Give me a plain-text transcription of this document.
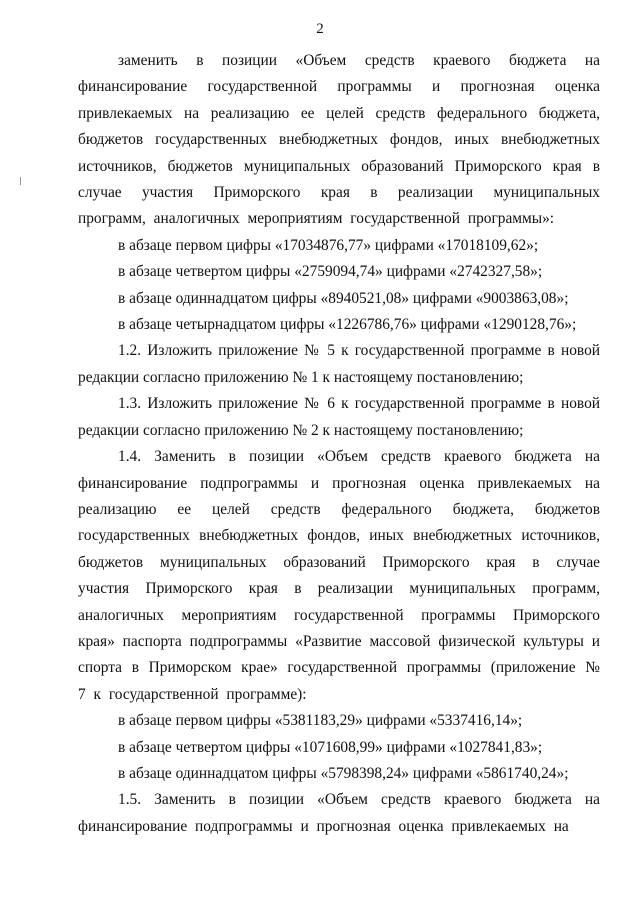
2

заменить в позиции «Объем средств краевого бюджета на финансирование государственной программы и прогнозная оценка привлекаемых на реализацию ее целей средств федерального бюджета, бюджетов государственных внебюджетных фондов, иных внебюджетных источников, бюджетов муниципальных образований Приморского края в случае участия Приморского края в реализации муниципальных программ, аналогичных мероприятиям государственной программы»:

в абзаце первом цифры «17034876,77» цифрами «17018109,62»;

в абзаце четвертом цифры «2759094,74» цифрами «2742327,58»;

в абзаце одиннадцатом цифры «8940521,08» цифрами «9003863,08»;

в абзаце четырнадцатом цифры «1226786,76» цифрами «1290128,76»;

1.2. Изложить приложение № 5 к государственной программе в новой редакции согласно приложению № 1 к настоящему постановлению;

1.3. Изложить приложение № 6 к государственной программе в новой редакции согласно приложению № 2 к настоящему постановлению;

1.4. Заменить в позиции «Объем средств краевого бюджета на финансирование подпрограммы и прогнозная оценка привлекаемых на реализацию ее целей средств федерального бюджета, бюджетов государственных внебюджетных фондов, иных внебюджетных источников, бюджетов муниципальных образований Приморского края в случае участия Приморского края в реализации муниципальных программ, аналогичных мероприятиям государственной программы Приморского края» паспорта подпрограммы «Развитие массовой физической культуры и спорта в Приморском крае» государственной программы (приложение № 7 к государственной программе):

в абзаце первом цифры «5381183,29» цифрами «5337416,14»;

в абзаце четвертом цифры «1071608,99» цифрами «1027841,83»;

в абзаце одиннадцатом цифры «5798398,24» цифрами «5861740,24»;

1.5. Заменить в позиции «Объем средств краевого бюджета на финансирование подпрограммы и прогнозная оценка привлекаемых на
